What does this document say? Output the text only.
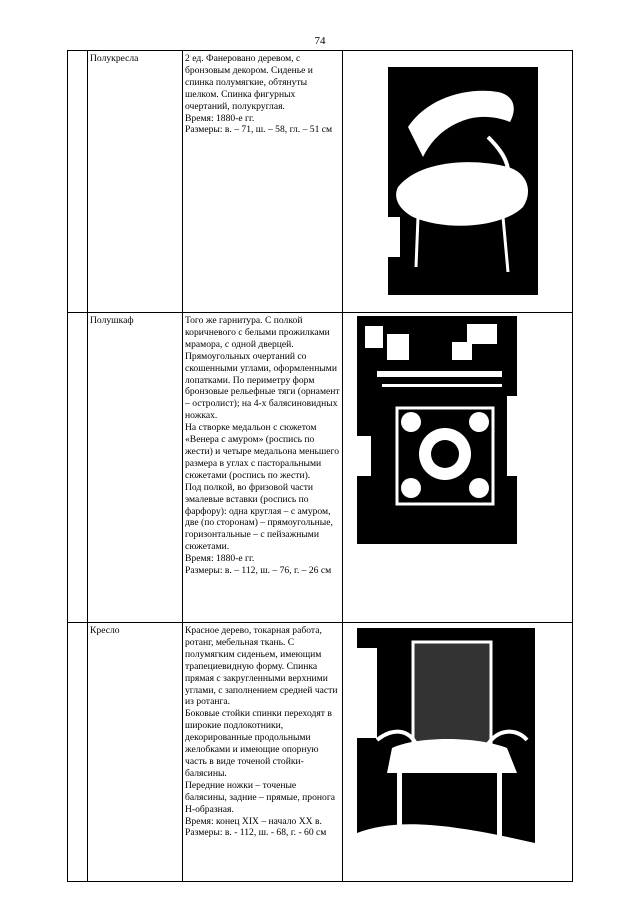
74
	Полукресла	2 ед. Фанеровано деревом, с бронзовым декором. Сиденье и спинка полумягкие, обтянуты шелком. Спинка фигурных очертаний, полукруглая.
Время: 1880-е гг.
Размеры: в. – 71, ш. – 58, гл. – 51 см

	Полушкаф	Того же гарнитура. С полкой коричневого с белыми прожилками мрамора, с одной дверцей. Прямоугольных очертаний со скошенными углами, оформленными лопатками. По периметру форм бронзовые рельефные тяги (орнамент – остролист); на 4-х балясиновидных ножках.
На створке медальон с сюжетом «Венера с амуром» (роспись по жести) и четыре медальона меньшего размера в углах с пасторальными сюжетами (роспись по жести).
Под полкой, во фризовой части эмалевые вставки (роспись по фарфору): одна круглая – с амуром, две (по сторонам) – прямоугольные, горизонтальные – с пейзажными сюжетами.
Время: 1880-е гг.
Размеры: в. – 112, ш. – 76, г. – 26 см

	Кресло	Красное дерево, токарная работа, ротанг, мебельная ткань. С полумягким сиденьем, имеющим трапециевидную форму. Спинка прямая с закругленными верхними углами, с заполнением средней части из ротанга.
Боковые стойки спинки переходят в широкие подлокотники, декорированные продольными желобками и имеющие опорную часть в виде точеной стойки-балясины.
Передние ножки – точеные балясины, задние – прямые, пронога Н-образная.
Время: конец XIX – начало XX в.
Размеры: в. - 112, ш. - 68, г. - 60 см
